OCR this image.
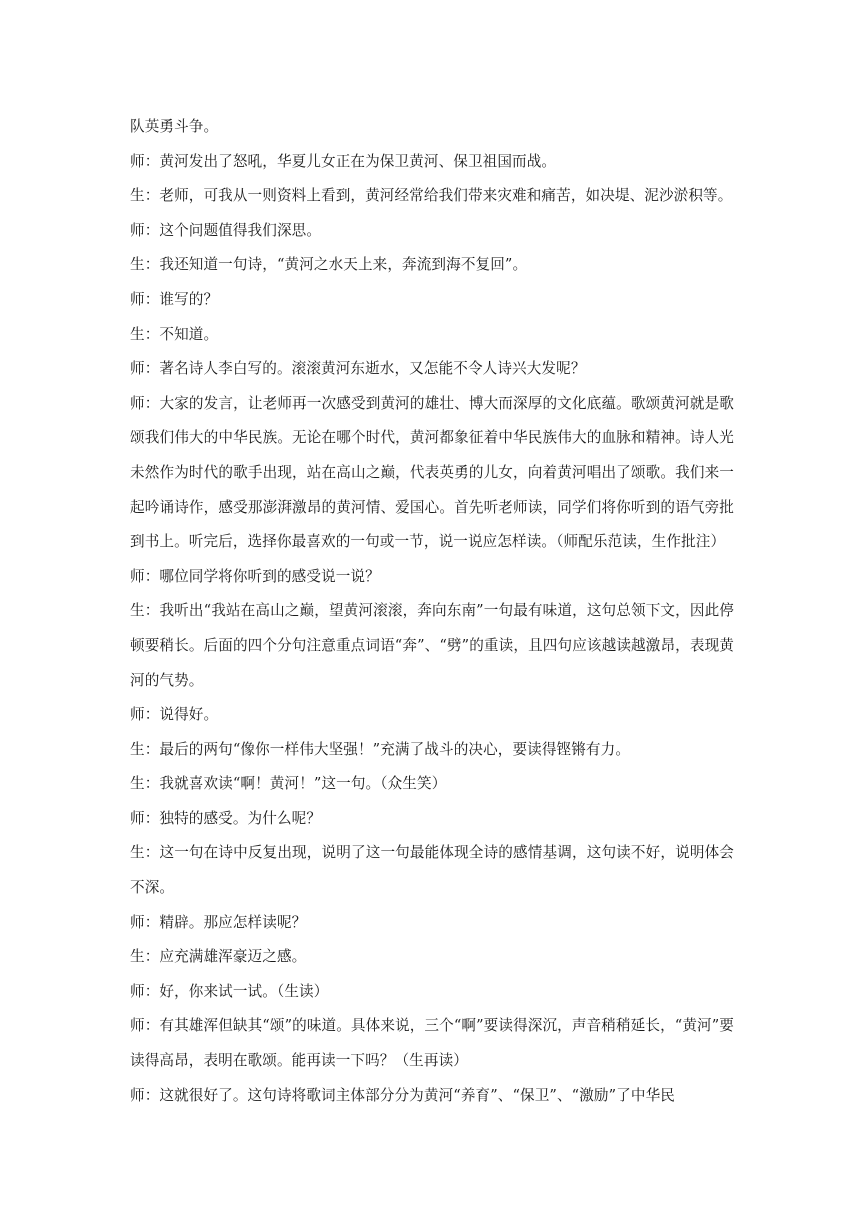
队英勇斗争。

师：黄河发出了怒吼，华夏儿女正在为保卫黄河、保卫祖国而战。

生：老师，可我从一则资料上看到，黄河经常给我们带来灾难和痛苦，如决堤、泥沙淤积等。

师：这个问题值得我们深思。

生：我还知道一句诗，“黄河之水天上来，奔流到海不复回”。

师：谁写的？

生：不知道。

师：著名诗人李白写的。滚滚黄河东逝水，又怎能不令人诗兴大发呢？

师：大家的发言，让老师再一次感受到黄河的雄壮、博大而深厚的文化底蕴。歌颂黄河就是歌颂我们伟大的中华民族。无论在哪个时代，黄河都象征着中华民族伟大的血脉和精神。诗人光未然作为时代的歌手出现，站在高山之巅，代表英勇的儿女，向着黄河唱出了颂歌。我们来一起吟诵诗作，感受那澎湃激昂的黄河情、爱国心。首先听老师读，同学们将你听到的语气旁批到书上。听完后，选择你最喜欢的一句或一节，说一说应怎样读。（师配乐范读，生作批注）

师：哪位同学将你听到的感受说一说？

生：我听出“我站在高山之巅，望黄河滚滚，奔向东南”一句最有味道，这句总领下文，因此停顿要稍长。后面的四个分句注意重点词语“奔”、“劈”的重读，且四句应该越读越激昂，表现黄河的气势。

师：说得好。

生：最后的两句“像你一样伟大坚强！”充满了战斗的决心，要读得铿锵有力。

生：我就喜欢读“啊！黄河！”这一句。（众生笑）

师：独特的感受。为什么呢？

生：这一句在诗中反复出现，说明了这一句最能体现全诗的感情基调，这句读不好，说明体会不深。

师：精辟。那应怎样读呢？

生：应充满雄浑豪迈之感。

师：好，你来试一试。（生读）

师：有其雄浑但缺其“颂”的味道。具体来说，三个“啊”要读得深沉，声音稍稍延长，“黄河”要读得高昂，表明在歌颂。能再读一下吗？（生再读）

师：这就很好了。这句诗将歌词主体部分分为黄河“养育”、“保卫”、“激励”了中华民
